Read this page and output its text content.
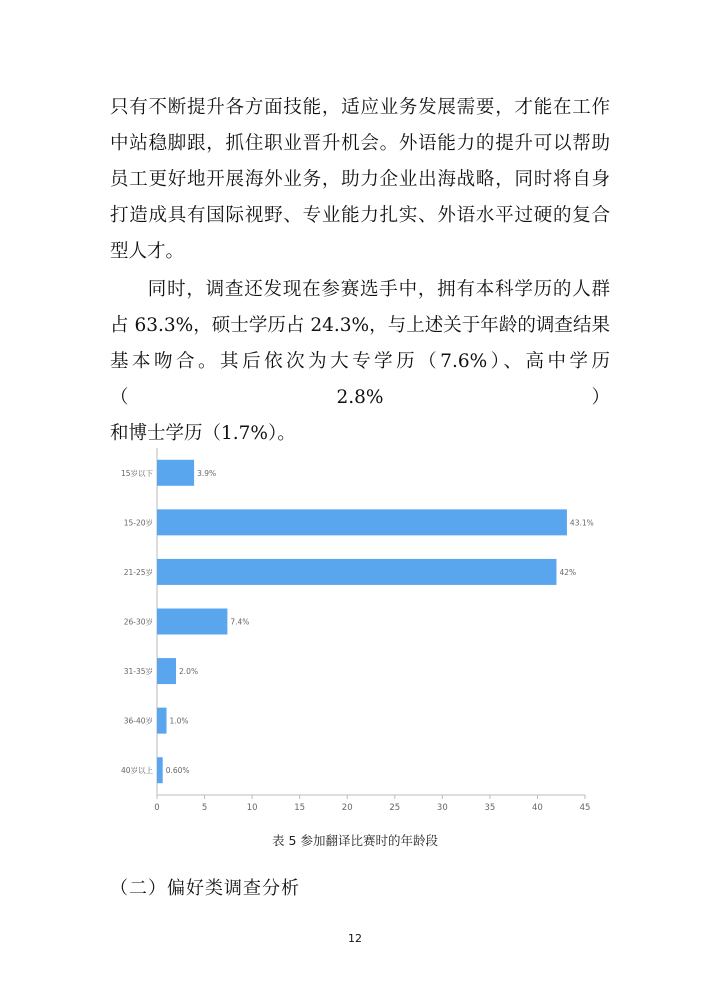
只有不断提升各方面技能，适应业务发展需要，才能在工作
中站稳脚跟，抓住职业晋升机会。外语能力的提升可以帮助
员工更好地开展海外业务，助力企业出海战略，同时将自身
打造成具有国际视野、专业能力扎实、外语水平过硬的复合
型人才。
同时，调查还发现在参赛选手中，拥有本科学历的人群
占 63.3%，硕士学历占 24.3%，与上述关于年龄的调查结果
基本吻合。其后依次为大专学历（7.6%）、高中学历（2.8%）
和博士学历（1.7%）。
0	5	10	15	20	25	30	35	40	45
15岁以下	3.9%
15-20岁	43.1%
21-25岁	42%
26-30岁	7.4%
31-35岁	2.0%
36-40岁 1.0%
40岁以上 0.60%
表 5 参加翻译比赛时的年龄段
（二）偏好类调查分析
12
